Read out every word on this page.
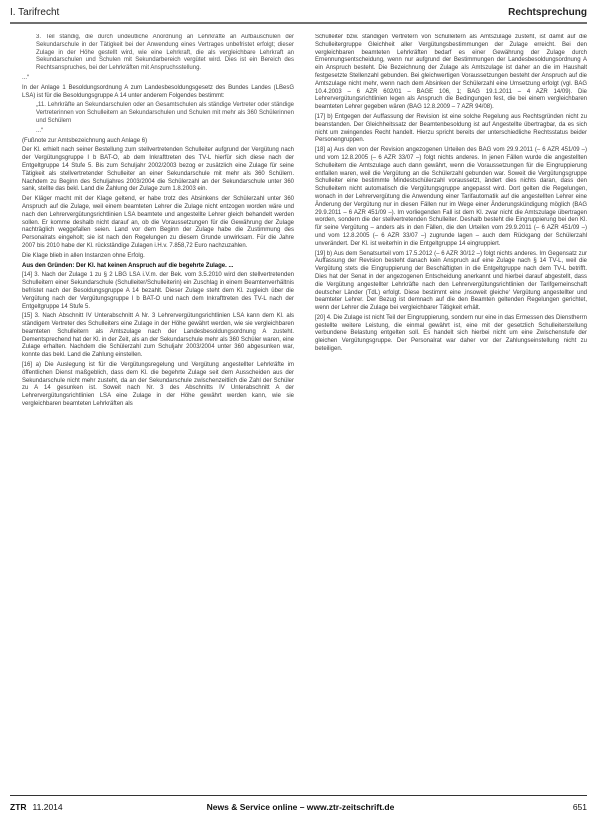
I. Tarifrecht	Rechtsprechung

3. Teil ständig, die durch undeutliche Anordnung an Lehrkräfte an Aufbauschulen der Sekundarschule in der Tätigkeit bei der Anwendung eines Vertrages unbefristet erfolgt; dieser Zulage in der Höhe gestellt wird, wie eine Lehrkraft, die als vergleichbare Lehrkraft an Sekundarschulen und Schulen mit Sekundarbereich vergütet wird. Dies ist ein Bereich des Rechtsanspruches, bei der Lehrkräften mit Anspruchsstellung.

...“

In der Anlage 1 Besoldungsordnung A zum Landesbesoldungsgesetz des Bundes Landes (LBesG LSA) ist für die Besoldungsgruppe A 14 unter anderem Folgendes bestimmt:

„11. Lehrkräfte an Sekundarschulen oder an Gesamtschulen als ständige Vertreter oder ständige Vertreterinnen von Schulleitern an Sekundarschulen und Schulen mit mehr als 360 Schülerinnen und Schülern

...“

(Fußnote zur Amtsbezeichnung auch Anlage 6)

Der Kl. erhielt nach seiner Bestellung zum stellvertretenden Schulleiter aufgrund der Vergütung nach der Vergütungsgruppe I b BAT-O, ab dem Inkrafttreten des TV-L hierfür sich diese nach der Entgeltgruppe 14 Stufe 5. Bis zum Schuljahr 2002/2003 bezog er zusätzlich eine Zulage für seine Tätigkeit als stellvertretender Schulleiter an einer Sekundarschule mit mehr als 360 Schülern. Nachdem zu Beginn des Schuljahres 2003/2004 die Schülerzahl an der Sekundarschule unter 360 sank, stellte das bekl. Land die Zahlung der Zulage zum 1.8.2003 ein.

Der Kläger macht mit der Klage geltend, er habe trotz des Absinkens der Schülerzahl unter 360 Anspruch auf die Zulage, weil einem beamteten Lehrer die Zulage nicht entzogen worden wäre und nach den Lehrervergütungsrichtlinien LSA beamtete und angestellte Lehrer gleich behandelt werden sollen. Er komme deshalb nicht darauf an, ob die Voraussetzungen für die Gewährung der Zulage nachträglich weggefallen seien. Land vor dem Beginn der Zulage habe die Zustimmung des Personalrats eingeholt; sie ist nach den Regelungen zu diesem Grunde unwirksam. Für die Jahre 2007 bis 2010 habe der Kl. rückständige Zulagen i.H.v. 7.858,72 Euro nachzuzahlen.

Die Klage blieb in allen Instanzen ohne Erfolg.

Aus den Gründen: Der Kl. hat keinen Anspruch auf die begehrte Zulage. ...

[14] 3. Nach der Zulage 1 zu § 2 LBG LSA i.V.m. der Bek. vom 3.5.2010 wird den stellvertretenden Schulleitern einer Sekundarschule (Schulleiter/Schulleiterin) ein Zuschlag in einem Beamtenverhältnis befristet nach der Besoldungsgruppe A 14 bezahlt. Dieser Zulage steht dem Kl. zugleich über die Vergütung nach der Vergütungsgruppe I b BAT-O und nach dem Inkrafttreten des TV-L nach der Entgeltgruppe 14 Stufe 5.

[15] 3. Nach Abschnitt IV Unterabschnitt A Nr. 3 Lehrervergütungsrichtlinien LSA kann dem Kl. als ständigem Vertreter des Schulleiters eine Zulage in der Höhe gewährt werden, wie sie vergleichbaren beamteten Schulleitern als Amtszulage nach der Landesbesoldungsordnung A zusteht. Dementsprechend hat der Kl. in der Zeit, als an der Sekundarschule mehr als 360 Schüler waren, eine Zulage erhalten. Nachdem die Schülerzahl zum Schuljahr 2003/2004 unter 360 abgesunken war, konnte das bekl. Land die Zahlung einstellen.

[16] a) Die Auslegung ist für die Vergütungsregelung und Vergütung angestellter Lehrkräfte im öffentlichen Dienst maßgeblich, dass dem Kl. die begehrte Zulage seit dem Ausscheiden aus der Sekundarschule nicht mehr zusteht, da an der Sekundarschule zwischenzeitlich die Zahl der Schüler zu A 14 gesunken ist. Soweit nach Nr. 3 des Abschnitts IV Unterabschnitt A der Lehrervergütungsrichtlinien LSA eine Zulage in der Höhe gewährt werden kann, wie sie vergleichbaren beamteten Lehrkräften als

Schulleiter bzw. ständigen Vertretern von Schulleitern als Amtszulage zusteht, ist damit auf die Schulleitergruppe Gleichheit aller Vergütungsbestimmungen der Zulage erreicht. Bei den vergleichbaren beamteten Lehrkräften bedarf es einer Gewährung der Zulage durch Ernennungsentscheidung, wenn nur aufgrund der Bestimmungen der Landesbesoldungsordnung A ein Anspruch besteht. Die Bezeichnung der Zulage als Amtszulage ist daher an die im Haushalt festgesetzte Stellenzahl gebunden. Bei gleichwertigen Voraussetzungen besteht der Anspruch auf die Amtszulage nicht mehr, wenn nach dem Absinken der Schülerzahl eine Umsetzung erfolgt (vgl. BAG 10.4.2003 – 6 AZR 602/01 – BAGE 106, 1; BAG 19.1.2011 – 4 AZR 14/09). Die Lehrervergütungsrichtlinien legen als Anspruch die Bedingungen fest, die bei einem vergleichbaren beamteten Lehrer gegeben wären (BAG 12.8.2009 – 7 AZR 94/08).

[17] b) Entgegen der Auffassung der Revision ist eine solche Regelung aus Rechtsgründen nicht zu beanstanden. Der Gleichheitssatz der Beamtenbesoldung ist auf Angestellte übertragbar, da es sich nicht um zwingendes Recht handelt. Hierzu spricht bereits der unterschiedliche Rechtsstatus beider Personengruppen.

[18] a) Aus den von der Revision angezogenen Urteilen des BAG vom 29.9.2011 (– 6 AZR 451/09 –) und vom 12.8.2005 (– 6 AZR 33/07 –) folgt nichts anderes. In jenen Fällen wurde die angestellten Schulleitern die Amtszulage auch dann gewährt, wenn die Voraussetzungen für die Eingruppierung entfallen waren, weil die Vergütung an die Schülerzahl gebunden war. Soweit die Vergütungsgruppe Schulleiter eine bestimmte Mindestschülerzahl voraussetzt, ändert dies nichts daran, dass den Schulleitern nicht automatisch die Vergütungsgruppe angepasst wird. Dort gelten die Regelungen, wonach in der Lehrervergütung die Anwendung einer Tarifautomatik auf die angestellten Lehrer eine Änderung der Vergütung nur in diesen Fällen nur im Wege einer Änderungskündigung möglich (BAG 29.9.2011 – 6 AZR 451/09 –). Im vorliegenden Fall ist dem Kl. zwar nicht die Amtszulage übertragen worden, sondern die der stellvertretenden Schulleiter. Deshalb besteht die Eingruppierung bei den Kl. für seine Vergütung – anders als in den Fällen, die den Urteilen vom 29.9.2011 (– 6 AZR 451/09 –) und vom 12.8.2005 (– 6 AZR 33/07 –) zugrunde lagen – auch dem Rückgang der Schülerzahl unverändert. Der Kl. ist weiterhin in die Entgeltgruppe 14 eingruppiert.

[19] b) Aus dem Senatsurteil vom 17.5.2012 (– 6 AZR 30/12 –) folgt nichts anderes. Im Gegensatz zur Auffassung der Revision besteht danach kein Anspruch auf eine Zulage nach § 14 TV-L, weil die Vergütung stets die Eingruppierung der Beschäftigten in die Entgeltgruppe nach dem TV-L betrifft. Dies hat der Senat in der angezogenen Entscheidung anerkannt und hierbei darauf abgestellt, dass die Vergütung angestellter Lehrkräfte nach den Lehrervergütungsrichtlinien der Tarifgemeinschaft deutscher Länder (TdL) erfolgt. Diese bestimmt eine ‚insoweit gleiche‘ Vergütung angestellter und beamteter Lehrer. Der Bezug ist demnach auf die den Beamten geltenden Regelungen gerichtet, wenn der Lehrer die Zulage bei vergleichbarer Tätigkeit erhält.

[20] 4. Die Zulage ist nicht Teil der Eingruppierung, sondern nur eine in das Ermessen des Dienstherrn gestellte weitere Leistung, die einmal gewährt ist, eine mit der gesetzlich Schulleiterstellung verbundene Belastung entgelten soll. Es handelt sich hierbei nicht um eine Zwischenstufe der gleichen Vergütungsgruppe. Der Personalrat war daher vor der Zahlungseinstellung nicht zu beteiligen.

ZTR 11.2014	News & Service online – www.ztr-zeitschrift.de	651
